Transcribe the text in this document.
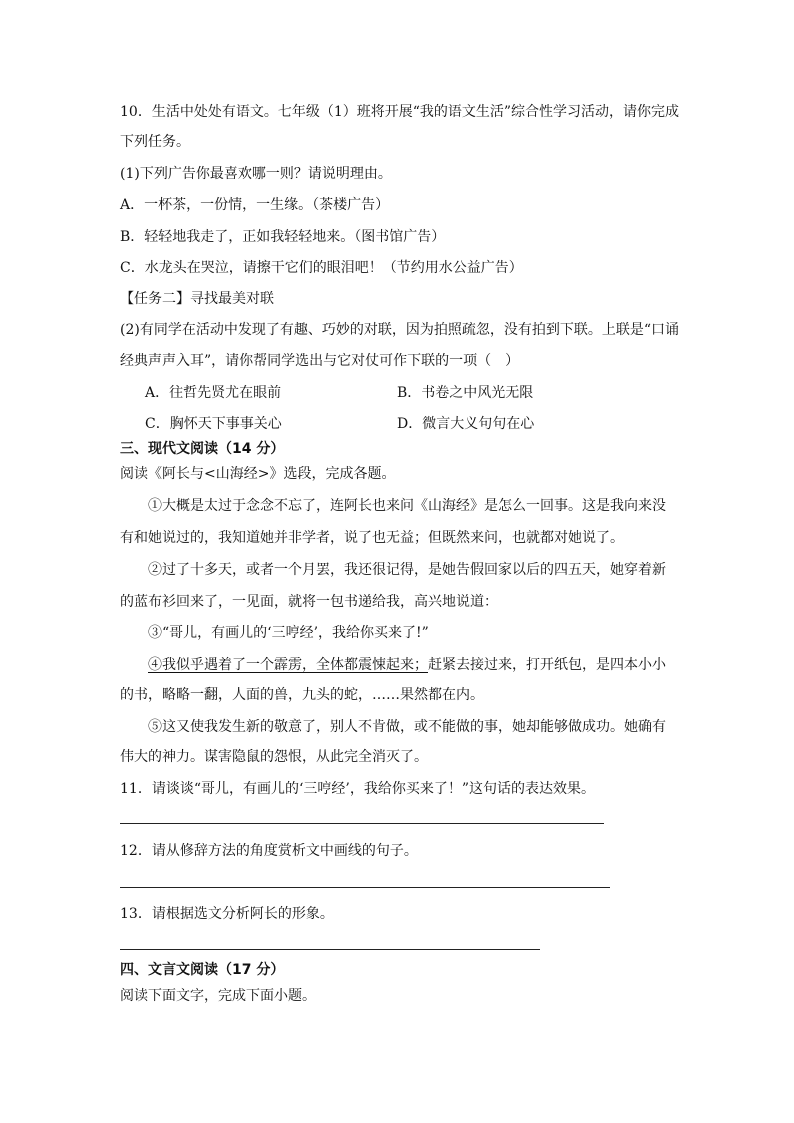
10．生活中处处有语文。七年级（1）班将开展“我的语文生活”综合性学习活动，请你完成
下列任务。
(1)下列广告你最喜欢哪一则？请说明理由。
A．一杯茶，一份情，一生缘。（茶楼广告）
B．轻轻地我走了，正如我轻轻地来。（图书馆广告）
C．水龙头在哭泣，请擦干它们的眼泪吧！（节约用水公益广告）
【任务二】寻找最美对联
(2)有同学在活动中发现了有趣、巧妙的对联，因为拍照疏忽，没有拍到下联。上联是“口诵
经典声声入耳”，请你帮同学选出与它对仗可作下联的一项（　）
A．往哲先贤尤在眼前	B．书卷之中风光无限
C．胸怀天下事事关心	D．微言大义句句在心
三、现代文阅读（14 分）
阅读《阿长与<山海经>》选段，完成各题。
①大概是太过于念念不忘了，连阿长也来问《山海经》是怎么一回事。这是我向来没
有和她说过的，我知道她并非学者，说了也无益；但既然来问，也就都对她说了。
②过了十多天，或者一个月罢，我还很记得，是她告假回家以后的四五天，她穿着新
的蓝布衫回来了，一见面，就将一包书递给我，高兴地说道：
③“哥儿，有画儿的‘三哼经’，我给你买来了!”
④我似乎遇着了一个霹雳，全体都震悚起来；赶紧去接过来，打开纸包，是四本小小
的书，略略一翻，人面的兽，九头的蛇，……果然都在内。
⑤这又使我发生新的敬意了，别人不肯做，或不能做的事，她却能够做成功。她确有
伟大的神力。谋害隐鼠的怨恨，从此完全消灭了。
11．请谈谈“哥儿，有画儿的‘三哼经’，我给你买来了！”这句话的表达效果。
12．请从修辞方法的角度赏析文中画线的句子。
13．请根据选文分析阿长的形象。
四、文言文阅读（17 分）
阅读下面文字，完成下面小题。
